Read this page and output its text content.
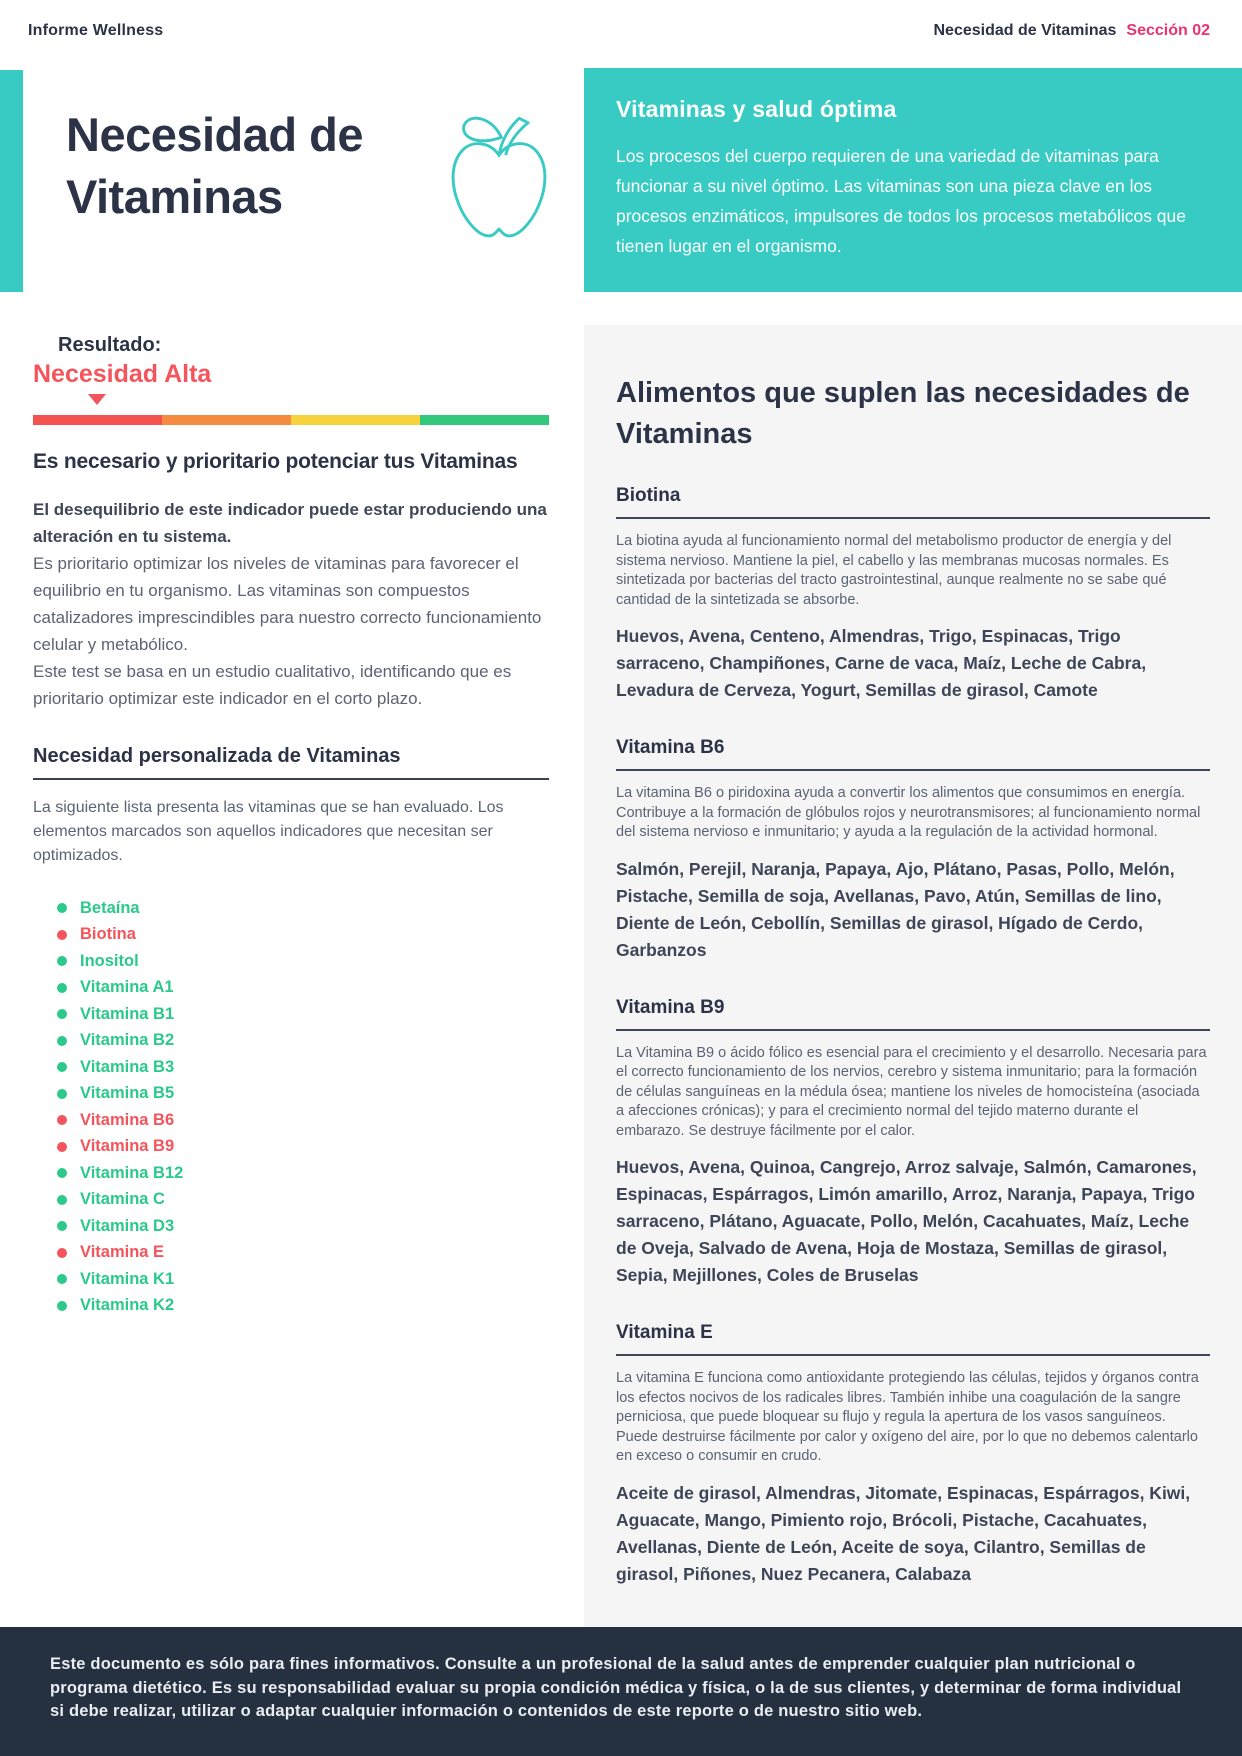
Informe Wellness	Necesidad de Vitaminas Sección 02
Necesidad de
Vitaminas
Vitaminas y salud óptima

Los procesos del cuerpo requieren de una variedad de vitaminas para funcionar a su nivel óptimo. Las vitaminas son una pieza clave en los procesos enzimáticos, impulsores de todos los procesos metabólicos que tienen lugar en el organismo.

Resultado:
Necesidad Alta
Es necesario y prioritario potenciar tus Vitaminas

El desequilibrio de este indicador puede estar produciendo una alteración en tu sistema.

Es prioritario optimizar los niveles de vitaminas para favorecer el equilibrio en tu organismo. Las vitaminas son compuestos catalizadores imprescindibles para nuestro correcto funcionamiento celular y metabólico.

Este test se basa en un estudio cualitativo, identificando que es prioritario optimizar este indicador en el corto plazo.

Necesidad personalizada de Vitaminas

La siguiente lista presenta las vitaminas que se han evaluado. Los elementos marcados son aquellos indicadores que necesitan ser optimizados.

Betaína
Biotina
Inositol
Vitamina A1
Vitamina B1
Vitamina B2
Vitamina B3
Vitamina B5
Vitamina B6
Vitamina B9
Vitamina B12
Vitamina C
Vitamina D3
Vitamina E
Vitamina K1
Vitamina K2
Alimentos que suplen las necesidades de Vitaminas
Biotina

La biotina ayuda al funcionamiento normal del metabolismo productor de energía y del sistema nervioso. Mantiene la piel, el cabello y las membranas mucosas normales. Es sintetizada por bacterias del tracto gastrointestinal, aunque realmente no se sabe qué cantidad de la sintetizada se absorbe.

Huevos, Avena, Centeno, Almendras, Trigo, Espinacas, Trigo sarraceno, Champiñones, Carne de vaca, Maíz, Leche de Cabra, Levadura de Cerveza, Yogurt, Semillas de girasol, Camote

Vitamina B6

La vitamina B6 o piridoxina ayuda a convertir los alimentos que consumimos en energía. Contribuye a la formación de glóbulos rojos y neurotransmisores; al funcionamiento normal del sistema nervioso e inmunitario; y ayuda a la regulación de la actividad hormonal.

Salmón, Perejil, Naranja, Papaya, Ajo, Plátano, Pasas, Pollo, Melón, Pistache, Semilla de soja, Avellanas, Pavo, Atún, Semillas de lino, Diente de León, Cebollín, Semillas de girasol, Hígado de Cerdo, Garbanzos

Vitamina B9

La Vitamina B9 o ácido fólico es esencial para el crecimiento y el desarrollo. Necesaria para el correcto funcionamiento de los nervios, cerebro y sistema inmunitario; para la formación de células sanguíneas en la médula ósea; mantiene los niveles de homocisteína (asociada a afecciones crónicas); y para el crecimiento normal del tejido materno durante el embarazo. Se destruye fácilmente por el calor.

Huevos, Avena, Quinoa, Cangrejo, Arroz salvaje, Salmón, Camarones, Espinacas, Espárragos, Limón amarillo, Arroz, Naranja, Papaya, Trigo sarraceno, Plátano, Aguacate, Pollo, Melón, Cacahuates, Maíz, Leche de Oveja, Salvado de Avena, Hoja de Mostaza, Semillas de girasol, Sepia, Mejillones, Coles de Bruselas

Vitamina E

La vitamina E funciona como antioxidante protegiendo las células, tejidos y órganos contra los efectos nocivos de los radicales libres. También inhibe una coagulación de la sangre perniciosa, que puede bloquear su flujo y regula la apertura de los vasos sanguíneos. Puede destruirse fácilmente por calor y oxígeno del aire, por lo que no debemos calentarlo en exceso o consumir en crudo.

Aceite de girasol, Almendras, Jitomate, Espinacas, Espárragos, Kiwi, Aguacate, Mango, Pimiento rojo, Brócoli, Pistache, Cacahuates, Avellanas, Diente de León, Aceite de soya, Cilantro, Semillas de girasol, Piñones, Nuez Pecanera, Calabaza

Este documento es sólo para fines informativos. Consulte a un profesional de la salud antes de emprender cualquier plan nutricional o programa dietético. Es su responsabilidad evaluar su propia condición médica y física, o la de sus clientes, y determinar de forma individual si debe realizar, utilizar o adaptar cualquier información o contenidos de este reporte o de nuestro sitio web.
